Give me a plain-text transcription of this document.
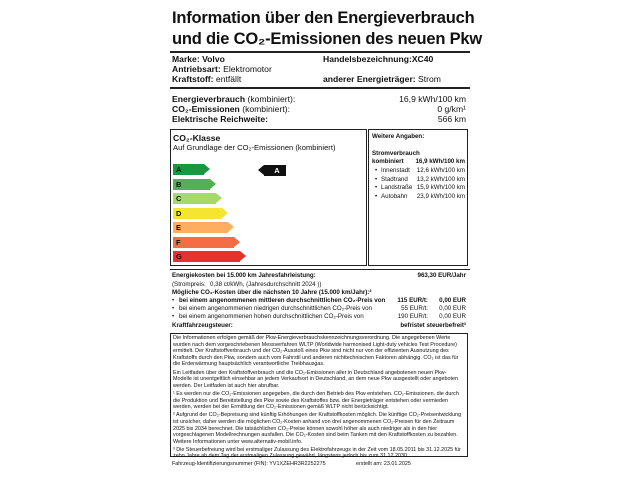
Information über den Energieverbrauch
und die CO₂-Emissionen des neuen Pkw
Marke: Volvo	Handelsbezeichnung:XC40
Antriebsart: Elektromotor
Kraftstoff: entfällt	anderer Energieträger: Strom
Energieverbrauch (kombiniert):	16,9 kWh/100 km
CO₂-Emissionen (kombiniert):	0 g/km¹
Elektrische Reichweite:	566 km
CO₂-Klasse
Auf Grundlage der CO₂-Emissionen (kombiniert)
A
B
C
D
E
F
G
A
Weitere Angaben:
Stromverbrauch
kombiniert 16,9 kWh/100 km
• Innenstadt 12,6 kWh/100 km
• Stadtrand 13,2 kWh/100 km
• Landstraße 15,9 kWh/100 km
• Autobahn 23,9 kWh/100 km
Energiekosten bei 15.000 km Jahresfahrleistung:	963,30 EUR/Jahr
(Strompreis: 0,38 ct/kWh, (Jahresdurchschnitt 2024 ))
Mögliche CO₂-Kosten über die nächsten 10 Jahre (15.000 km/Jahr):²
• bei einem angenommenen mittleren durchschnittlichen CO₂-Preis von	115 EUR/t: 0,00 EUR
• bei einem angenommenen niedrigen durchschnittlichen CO₂-Preis von	55 EUR/t: 0,00 EUR
• bei einem angenommenen hohen durchschnittlichen CO₂-Preis von	190 EUR/t: 0,00 EUR
Kraftfahrzeugsteuer:	befristet steuerbefreit³

Die Informationen erfolgen gemäß der Pkw-Energieverbrauchskennzeichnungsverordnung. Die angegebenen Werte wurden nach dem vorgeschriebenen Messverfahren WLTP (Worldwide harmonised Light-duty vehicles Test Procedure) ermittelt. Der Kraftstoffverbrauch und der CO₂-Ausstoß eines Pkw sind nicht nur von der effizienten Ausnutzung des Kraftstoffs durch den Pkw, sondern auch vom Fahrstil und anderen nichttechnischen Faktoren abhängig. CO₂ ist das für die Erderwärmung hauptsächlich verantwortliche Treibhausgas.

Ein Leitfaden über den Kraftstoffverbrauch und die CO₂-Emissionen aller in Deutschland angebotenen neuen Pkw-Modelle ist unentgeltlich einsehbar an jedem Verkaufsort in Deutschland, an dem neue Pkw ausgestellt oder angeboten werden. Der Leitfaden ist auch hier abrufbar.

¹ Es werden nur die CO₂-Emissionen angegeben, die durch den Betrieb des Pkw entstehen. CO₂-Emissionen, die durch die Produktion und Bereitstellung des Pkw sowie des Kraftstoffes bzw. der Energieträger entstehen oder vermieden werden, werden bei der Ermittlung der CO₂-Emissionen gemäß WLTP nicht berücksichtigt.

² Aufgrund der CO₂-Bepreisung sind künftig Erhöhungen der Kraftstoffkosten möglich. Die künftige CO₂-Preisentwicklung ist unsicher, daher werden die möglichen CO₂-Kosten anhand von drei angenommenen CO₂-Preisen für den Zeitraum 2025 bis 2034 berechnet. Die tatsächlichen CO₂-Preise können sowohl höher als auch niedriger als in den hier vorgeschlagenen Modellrechnungen ausfallen. Die CO₂-Kosten sind beim Tanken mit den Kraftstoffkosten zu bezahlen. Weitere Informationen unter www.alternativ-mobil.info.

³ Die Steuerbefreiung wird bei erstmaliger Zulassung des Elektrofahrzeugs in der Zeit vom 18.05.2011 bis 31.12.2025 für zehn Jahre ab dem Tag der erstmaligen Zulassung gewährt, längstens jedoch bis zum 31.12.2030.

Fahrzeug-Identifizierungsnummer (FIN): YV1XZEHR3R2252275	erstellt am: 23.01.2025
